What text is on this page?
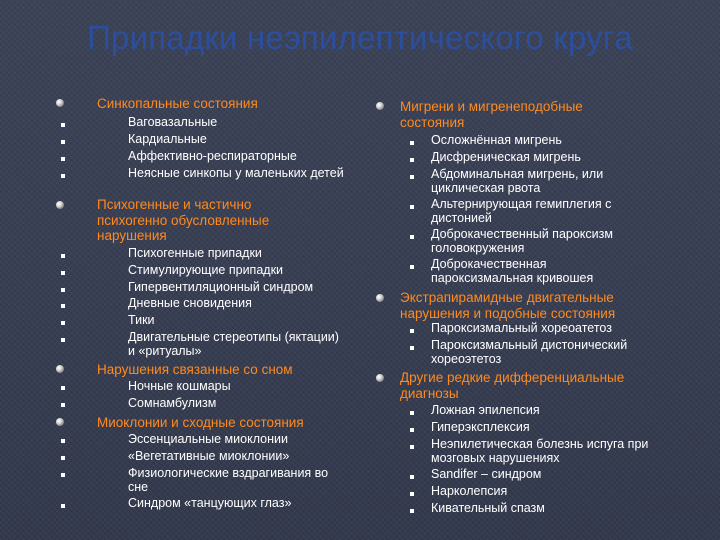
Припадки неэпилептического круга
Синкопальные состояния
Ваговазальные
Кардиальные
Аффективно-респираторные
Неясные синкопы у маленьких детей
Психогенные и частично психогенно обусловленные нарушения
Психогенные припадки
Стимулирующие припадки
Гипервентиляционный синдром
Дневные сновидения
Тики
Двигательные стереотипы (яктации) и «ритуалы»
Нарушения связанные со сном
Ночные кошмары
Сомнамбулизм
Миоклонии и сходные состояния
Эссенциальные миоклонии
«Вегетативные миоклонии»
Физиологические вздрагивания во сне
Синдром «танцующих глаз»
Мигрени и мигренеподобные состояния
Осложнённая мигрень
Дисфреническая мигрень
Абдоминальная мигрень, или циклическая рвота
Альтернирующая гемиплегия с дистонией
Доброкачественный пароксизм головокружения
Доброкачественная пароксизмальная кривошея
Экстрапирамидные двигательные нарушения и подобные состояния
Пароксизмальный хореоатетоз
Пароксизмальный дистонический хореоэтетоз
Другие редкие дифференциальные диагнозы
Ложная эпилепсия
Гиперэксплексия
Неэпилетическая болезнь испуга при мозговых нарушениях
Sandifer – синдром
Нарколепсия
Кивательный спазм
